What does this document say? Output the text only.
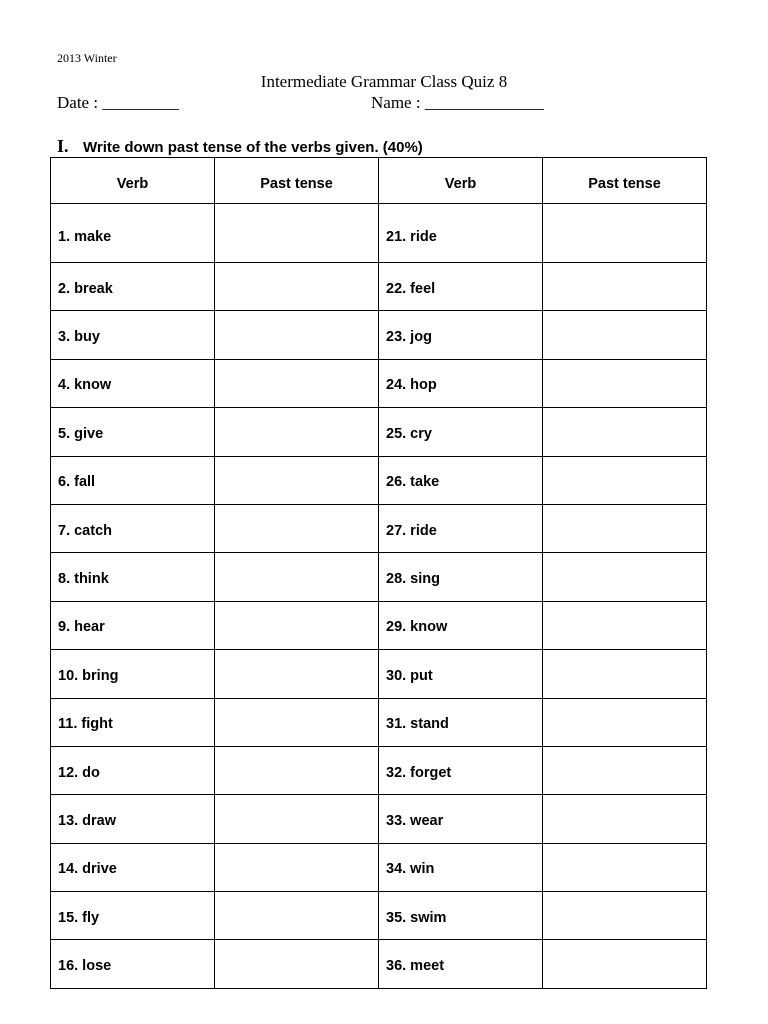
2013 Winter
Intermediate Grammar Class Quiz 8
Date : _________	Name : ______________
I. Write down past tense of the verbs given. (40%)
Verb	Past tense	Verb	Past tense
1. make		21. ride	
2. break		22. feel	
3. buy		23. jog	
4. know		24. hop	
5. give		25. cry	
6. fall		26. take	
7. catch		27. ride	
8. think		28. sing	
9. hear		29. know	
10. bring		30. put	
11. fight		31. stand	
12. do		32. forget	
13. draw		33. wear	
14. drive		34. win	
15. fly		35. swim	
16. lose		36. meet	
